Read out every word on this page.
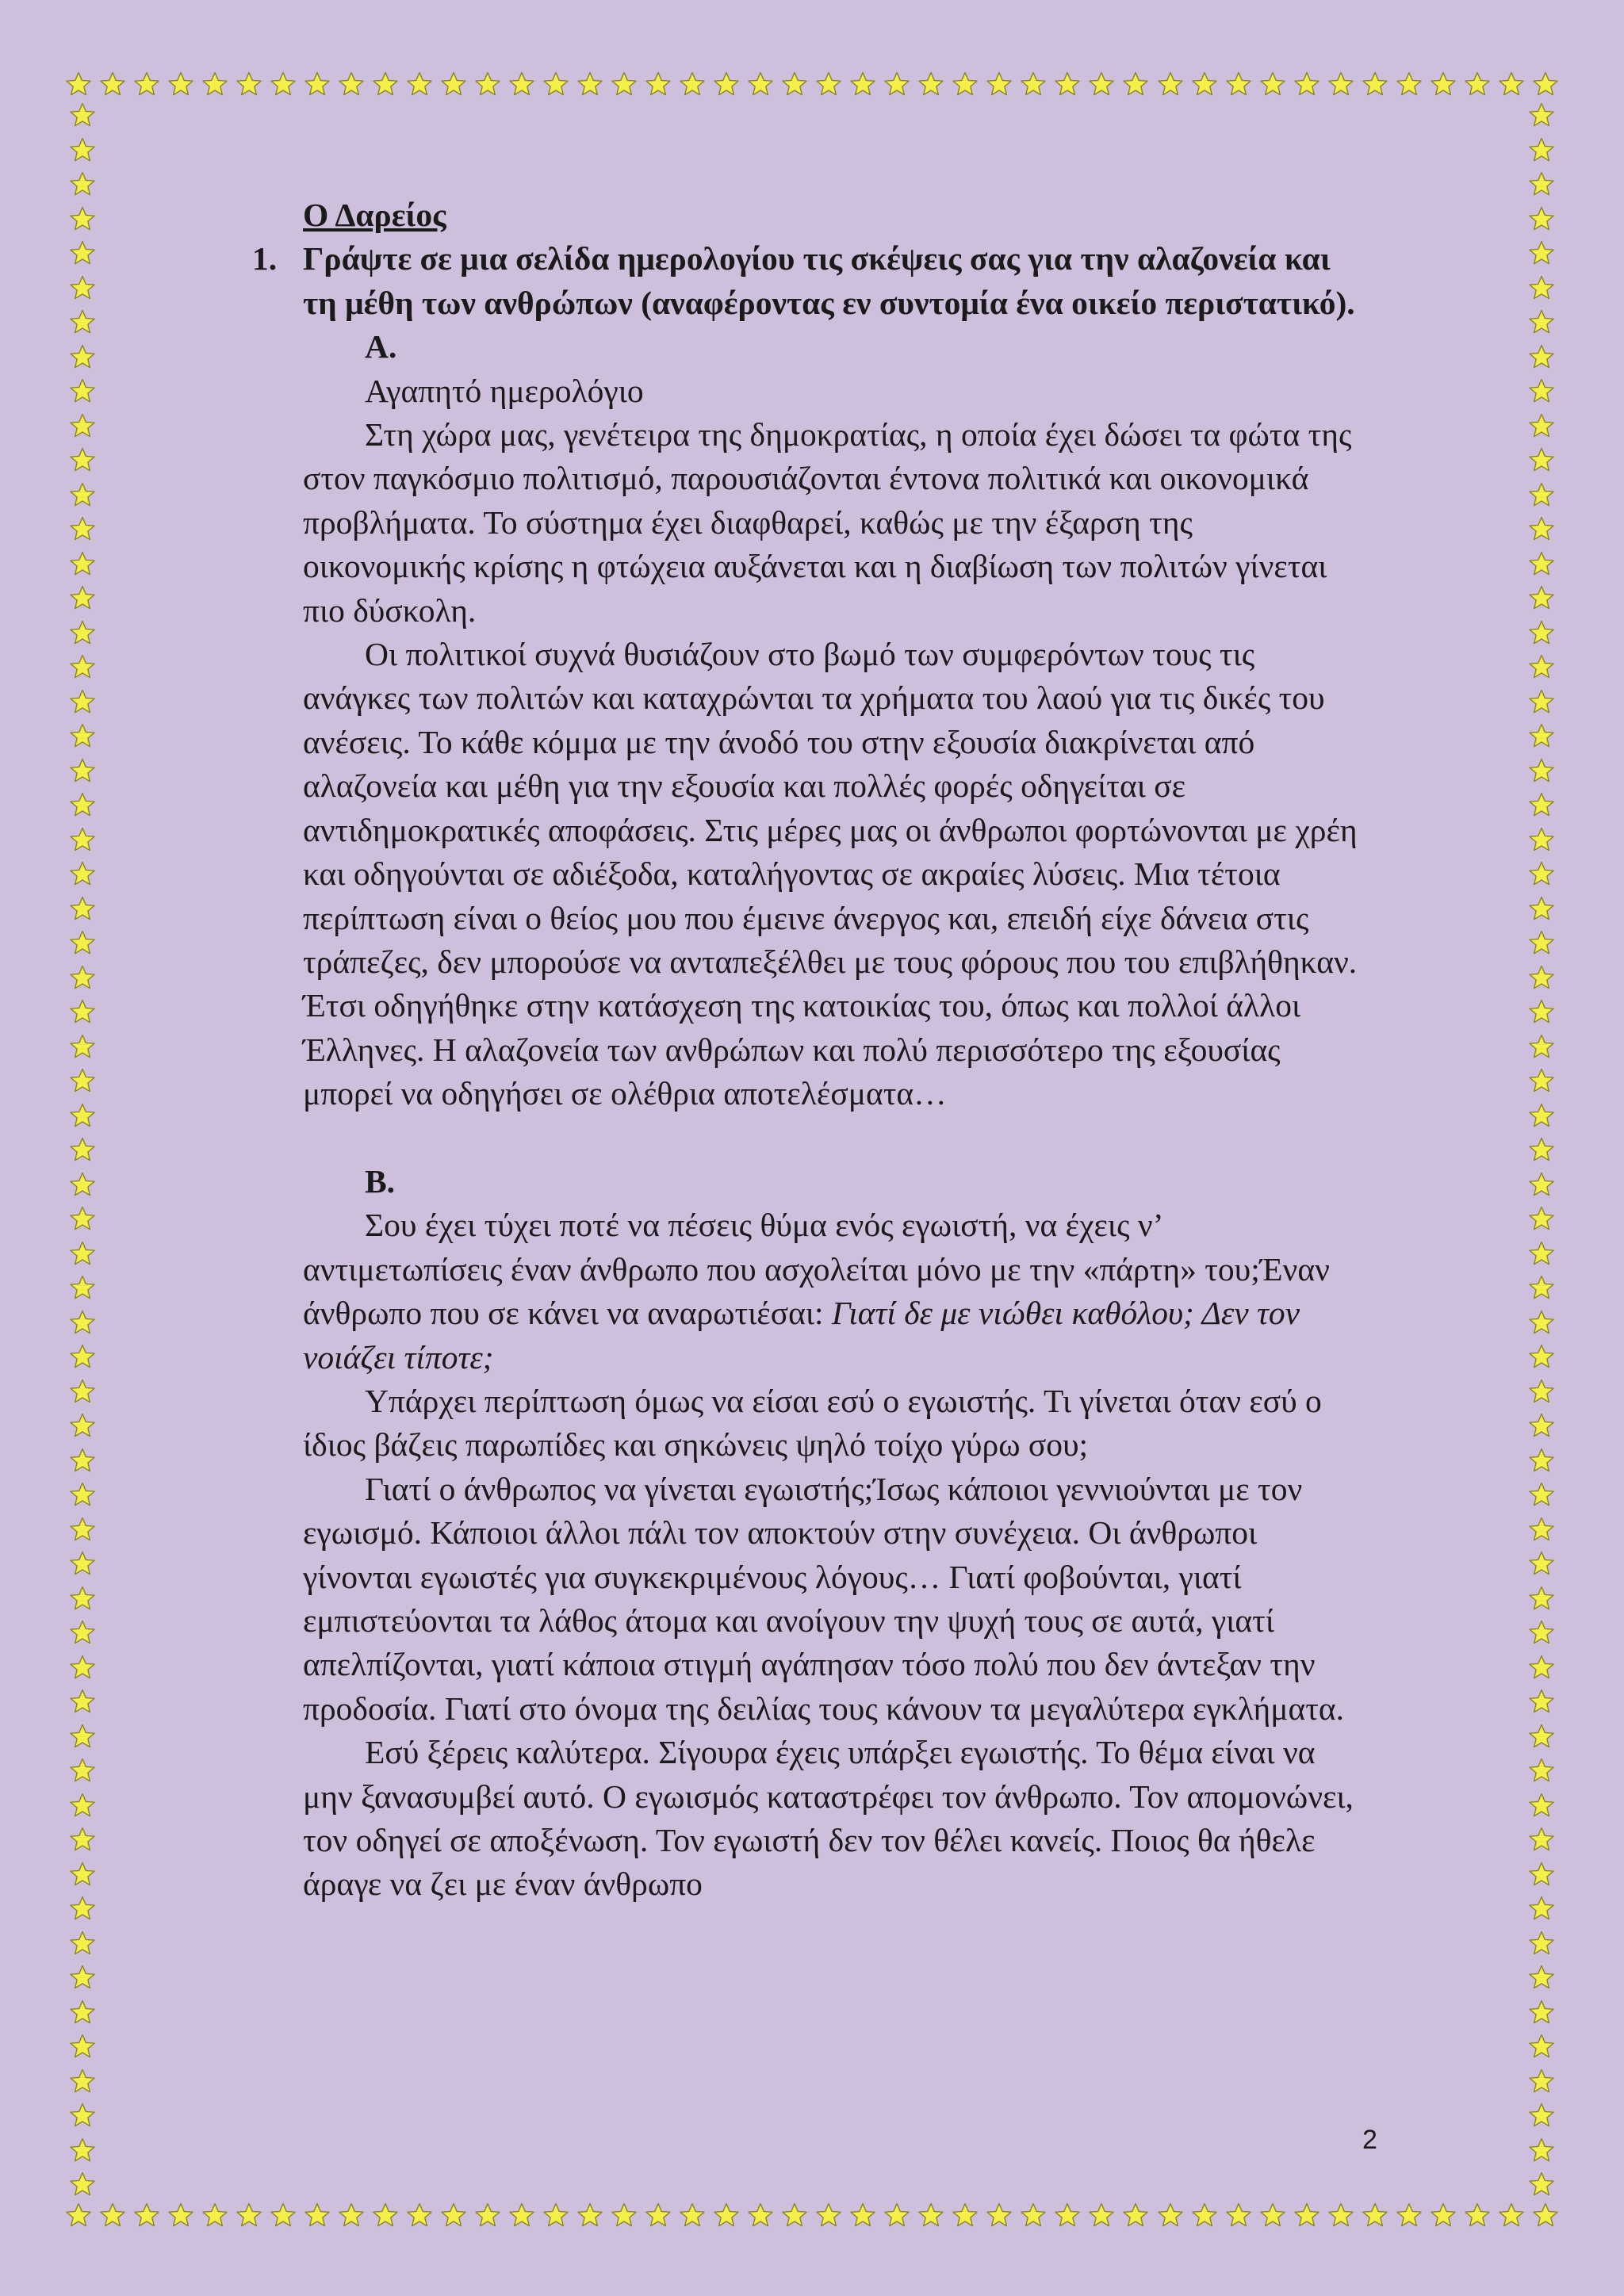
Ο Δαρείος
1. Γράψτε σε μια σελίδα ημερολογίου τις σκέψεις σας για την αλαζονεία και τη μέθη των ανθρώπων (αναφέροντας εν συντομία ένα οικείο περιστατικό).
Α.
Αγαπητό ημερολόγιο

Στη χώρα μας, γενέτειρα της δημοκρατίας, η οποία έχει δώσει τα φώτα της στον παγκόσμιο πολιτισμό, παρουσιάζονται έντονα πολιτικά και οικονομικά προβλήματα. Το σύστημα έχει διαφθαρεί, καθώς με την έξαρση της οικονομικής κρίσης η φτώχεια αυξάνεται και η διαβίωση των πολιτών γίνεται πιο δύσκολη.

Οι πολιτικοί συχνά θυσιάζουν στο βωμό των συμφερόντων τους τις ανάγκες των πολιτών και καταχρώνται τα χρήματα του λαού για τις δικές του ανέσεις. Το κάθε κόμμα με την άνοδό του στην εξουσία διακρίνεται από αλαζονεία και μέθη για την εξουσία και πολλές φορές οδηγείται σε αντιδημοκρατικές αποφάσεις. Στις μέρες μας οι άνθρωποι φορτώνονται με χρέη και οδηγούνται σε αδιέξοδα, καταλήγοντας σε ακραίες λύσεις. Μια τέτοια περίπτωση είναι ο θείος μου που έμεινε άνεργος και, επειδή είχε δάνεια στις τράπεζες, δεν μπορούσε να ανταπεξέλθει με τους φόρους που του επιβλήθηκαν. Έτσι οδηγήθηκε στην κατάσχεση της κατοικίας του, όπως και πολλοί άλλοι Έλληνες. Η αλαζονεία των ανθρώπων και πολύ περισσότερο της εξουσίας μπορεί να οδηγήσει σε ολέθρια αποτελέσματα…

Β.

Σου έχει τύχει ποτέ να πέσεις θύμα ενός εγωιστή, να έχεις ν’ αντιμετωπίσεις έναν άνθρωπο που ασχολείται μόνο με την «πάρτη» του;Έναν άνθρωπο που σε κάνει να αναρωτιέσαι: Γιατί δε με νιώθει καθόλου; Δεν τον νοιάζει τίποτε;

Υπάρχει περίπτωση όμως να είσαι εσύ ο εγωιστής. Τι γίνεται όταν εσύ ο ίδιος βάζεις παρωπίδες και σηκώνεις ψηλό τοίχο γύρω σου;

Γιατί ο άνθρωπος να γίνεται εγωιστής;Ίσως κάποιοι γεννιούνται με τον εγωισμό. Κάποιοι άλλοι πάλι τον αποκτούν στην συνέχεια. Οι άνθρωποι γίνονται εγωιστές για συγκεκριμένους λόγους… Γιατί φοβούνται, γιατί εμπιστεύονται τα λάθος άτομα και ανοίγουν την ψυχή τους σε αυτά, γιατί απελπίζονται, γιατί κάποια στιγμή αγάπησαν τόσο πολύ που δεν άντεξαν την προδοσία. Γιατί στο όνομα της δειλίας τους κάνουν τα μεγαλύτερα εγκλήματα.

Εσύ ξέρεις καλύτερα. Σίγουρα έχεις υπάρξει εγωιστής. Το θέμα είναι να μην ξανασυμβεί αυτό. Ο εγωισμός καταστρέφει τον άνθρωπο. Τον απομονώνει, τον οδηγεί σε αποξένωση. Τον εγωιστή δεν τον θέλει κανείς. Ποιος θα ήθελε άραγε να ζει με έναν άνθρωπο

2
